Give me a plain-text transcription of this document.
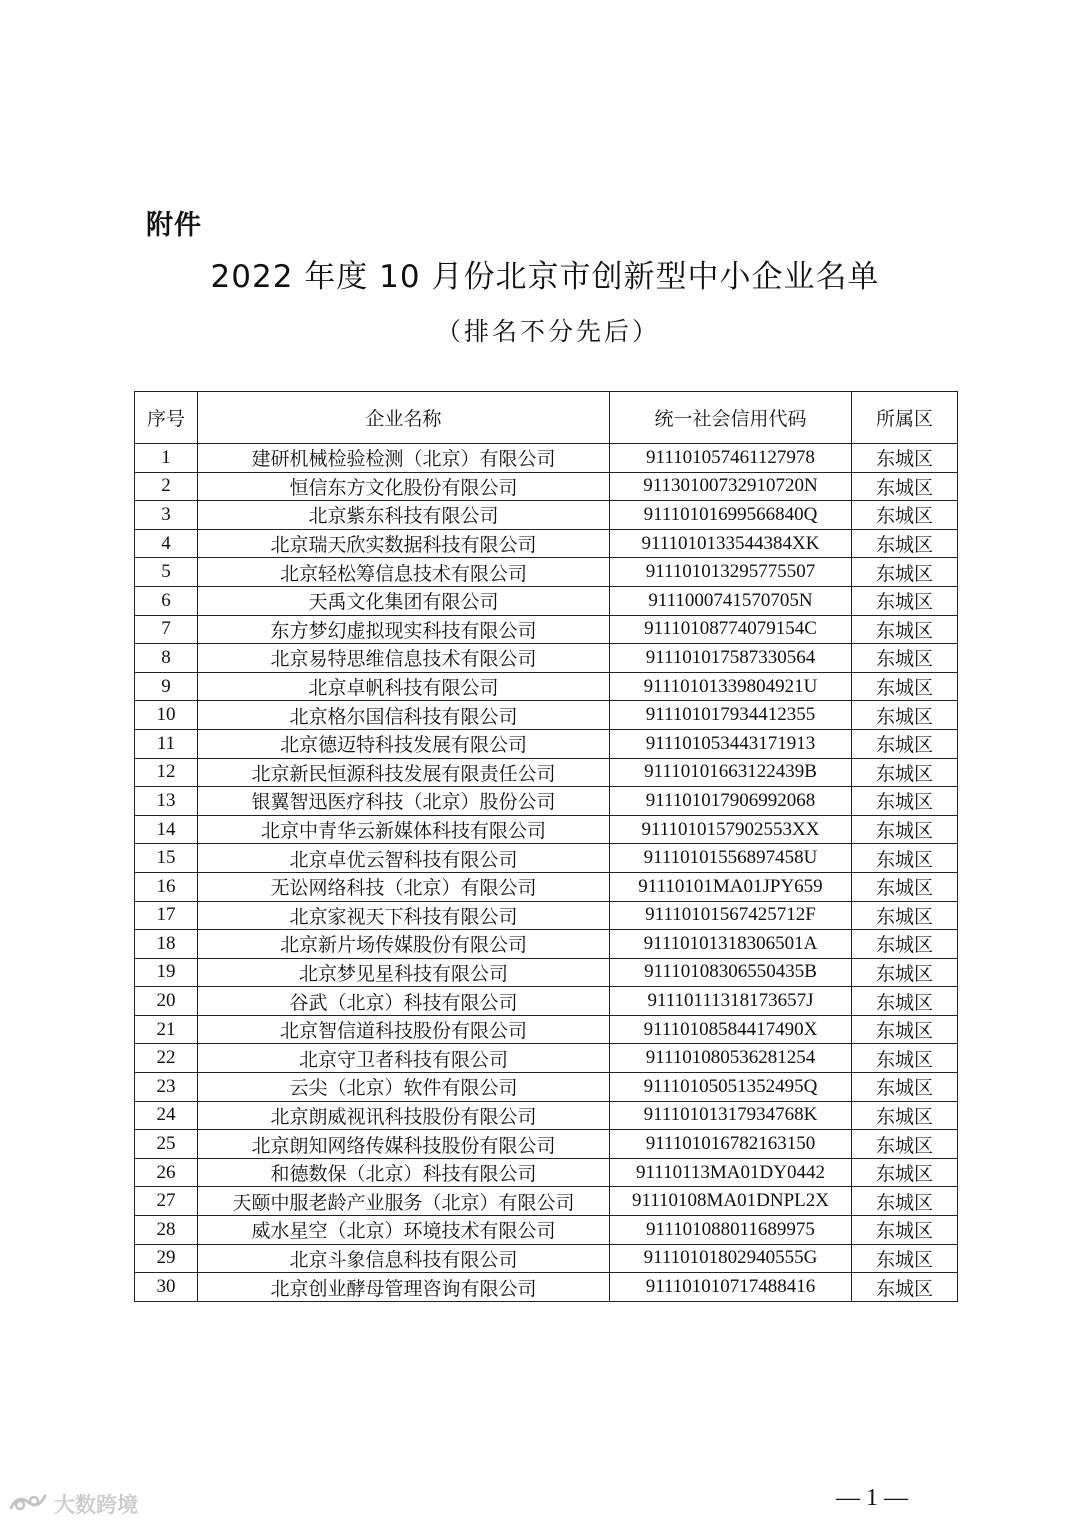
附件
2022 年度 10 月份北京市创新型中小企业名单
（排名不分先后）
序号	企业名称	统一社会信用代码	所属区
1	建研机械检验检测（北京）有限公司	911101057461127978	东城区
2	恒信东方文化股份有限公司	91130100732910720N	东城区
3	北京紫东科技有限公司	91110101699566840Q	东城区
4	北京瑞天欣实数据科技有限公司	9111010133544384XK	东城区
5	北京轻松筹信息技术有限公司	911101013295775507	东城区
6	天禹文化集团有限公司	9111000741570705N	东城区
7	东方梦幻虚拟现实科技有限公司	91110108774079154C	东城区
8	北京易特思维信息技术有限公司	911101017587330564	东城区
9	北京卓帆科技有限公司	91110101339804921U	东城区
10	北京格尔国信科技有限公司	911101017934412355	东城区
11	北京德迈特科技发展有限公司	911101053443171913	东城区
12	北京新民恒源科技发展有限责任公司	91110101663122439B	东城区
13	银翼智迅医疗科技（北京）股份公司	911101017906992068	东城区
14	北京中青华云新媒体科技有限公司	9111010157902553XX	东城区
15	北京卓优云智科技有限公司	91110101556897458U	东城区
16	无讼网络科技（北京）有限公司	91110101MA01JPY659	东城区
17	北京家视天下科技有限公司	91110101567425712F	东城区
18	北京新片场传媒股份有限公司	91110101318306501A	东城区
19	北京梦见星科技有限公司	91110108306550435B	东城区
20	谷武（北京）科技有限公司	91110111318173657J	东城区
21	北京智信道科技股份有限公司	91110108584417490X	东城区
22	北京守卫者科技有限公司	911101080536281254	东城区
23	云尖（北京）软件有限公司	91110105051352495Q	东城区
24	北京朗威视讯科技股份有限公司	91110101317934768K	东城区
25	北京朗知网络传媒科技股份有限公司	911101016782163150	东城区
26	和德数保（北京）科技有限公司	91110113MA01DY0442	东城区
27	天颐中服老龄产业服务（北京）有限公司	91110108MA01DNPL2X	东城区
28	威水星空（北京）环境技术有限公司	911101088011689975	东城区
29	北京斗象信息科技有限公司	91110101802940555G	东城区
30	北京创业酵母管理咨询有限公司	911101010717488416	东城区
— 1 —
大数跨境
